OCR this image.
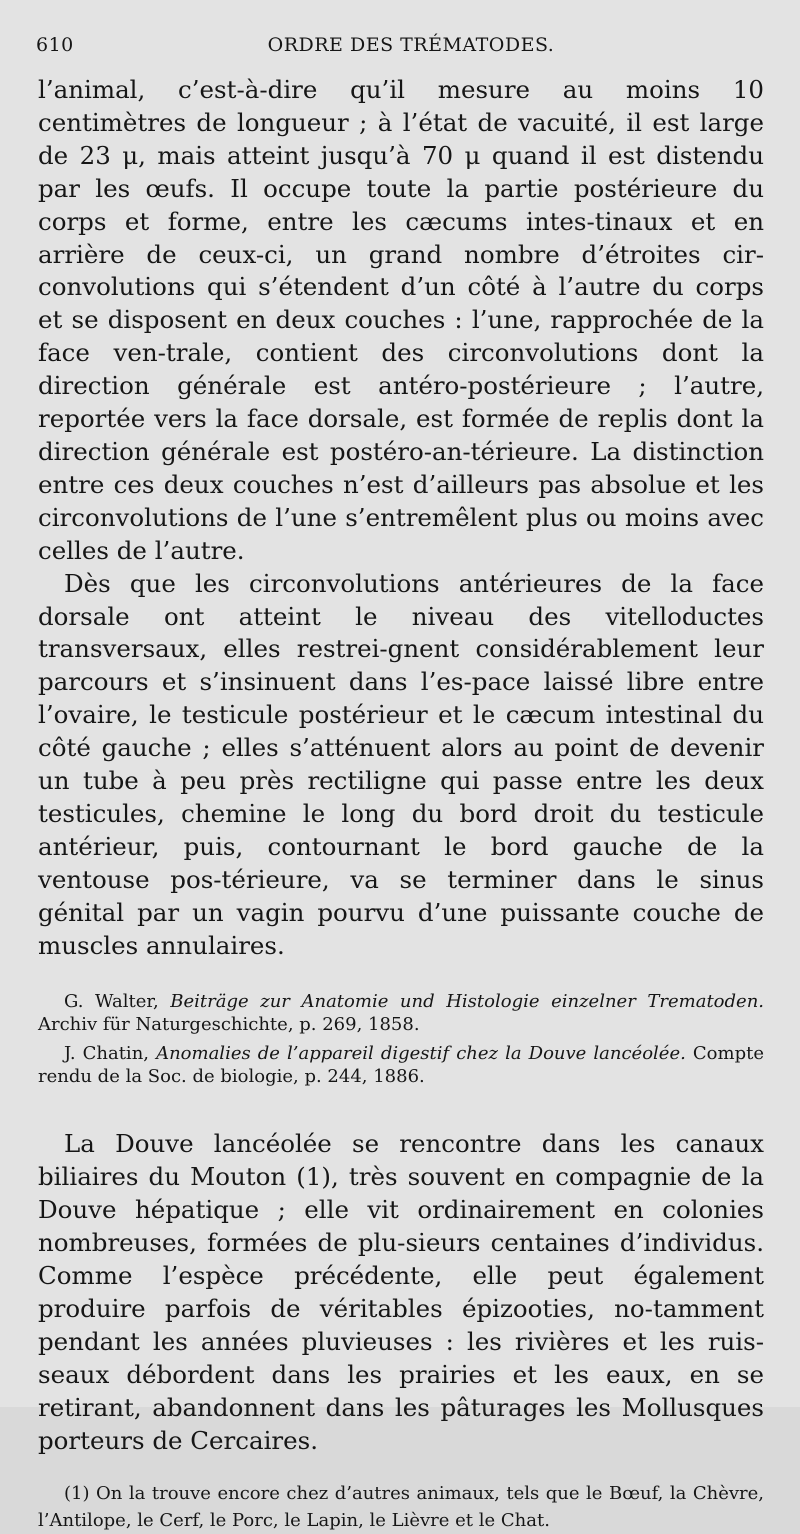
610	ORDRE DES TRÉMATODES.

l’animal, c’est-à-dire qu’il mesure au moins 10 centimètres de longueur ; à l’état de vacuité, il est large de 23 μ, mais atteint jusqu’à 70 μ quand il est distendu par les œufs. Il occupe toute la partie postérieure du corps et forme, entre les cæcums intes-tinaux et en arrière de ceux-ci, un grand nombre d’étroites cir-convolutions qui s’étendent d’un côté à l’autre du corps et se disposent en deux couches : l’une, rapprochée de la face ven-trale, contient des circonvolutions dont la direction générale est antéro-postérieure ; l’autre, reportée vers la face dorsale, est formée de replis dont la direction générale est postéro-an-térieure. La distinction entre ces deux couches n’est d’ailleurs pas absolue et les circonvolutions de l’une s’entremêlent plus ou moins avec celles de l’autre.

Dès que les circonvolutions antérieures de la face dorsale ont atteint le niveau des vitelloductes transversaux, elles restrei-gnent considérablement leur parcours et s’insinuent dans l’es-pace laissé libre entre l’ovaire, le testicule postérieur et le cæcum intestinal du côté gauche ; elles s’atténuent alors au point de devenir un tube à peu près rectiligne qui passe entre les deux testicules, chemine le long du bord droit du testicule antérieur, puis, contournant le bord gauche de la ventouse pos-térieure, va se terminer dans le sinus génital par un vagin pourvu d’une puissante couche de muscles annulaires.

G. Walter, Beiträge zur Anatomie und Histologie einzelner Trematoden. Archiv für Naturgeschichte, p. 269, 1858.

J. Chatin, Anomalies de l’appareil digestif chez la Douve lancéolée. Compte rendu de la Soc. de biologie, p. 244, 1886.

La Douve lancéolée se rencontre dans les canaux biliaires du Mouton (1), très souvent en compagnie de la Douve hépatique ; elle vit ordinairement en colonies nombreuses, formées de plu-sieurs centaines d’individus. Comme l’espèce précédente, elle peut également produire parfois de véritables épizooties, no-tamment pendant les années pluvieuses : les rivières et les ruis-seaux débordent dans les prairies et les eaux, en se retirant, abandonnent dans les pâturages les Mollusques porteurs de Cercaires.

(1) On la trouve encore chez d’autres animaux, tels que le Bœuf, la Chèvre, l’Antilope, le Cerf, le Porc, le Lapin, le Lièvre et le Chat.
